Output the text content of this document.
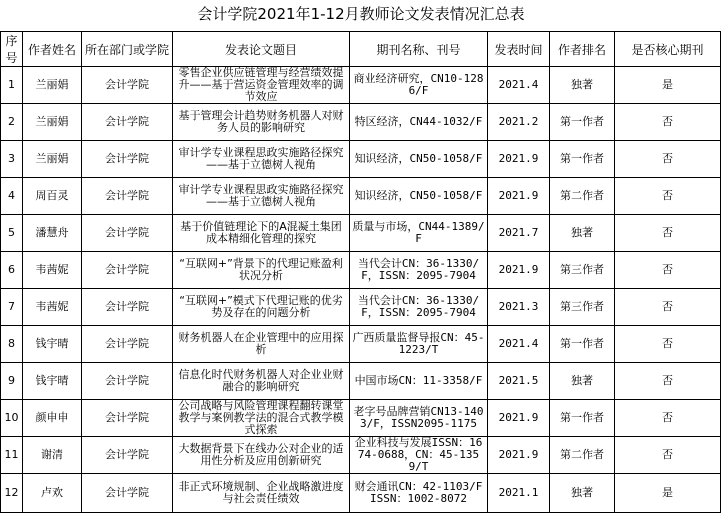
会计学院2021年1-12月教师论文发表情况汇总表
序号	作者姓名	所在部门或学院	发表论文题目	期刊名称、刊号	发表时间	作者排名	是否核心期刊
1	兰丽娟	会计学院	零售企业供应链管理与经营绩效提升——基于营运资金管理效率的调节效应	商业经济研究，CN10-1286/F	2021.4	独著	是
2	兰丽娟	会计学院	基于管理会计趋势财务机器人对财务人员的影响研究	特区经济，CN44-1032/F	2021.2	第一作者	否
3	兰丽娟	会计学院	审计学专业课程思政实施路径探究——基于立德树人视角	知识经济，CN50-1058/F	2021.9	第一作者	否
4	周百灵	会计学院	审计学专业课程思政实施路径探究——基于立德树人视角	知识经济，CN50-1058/F	2021.9	第二作者	否
5	潘慧舟	会计学院	基于价值链理论下的A混凝土集团成本精细化管理的探究	质量与市场，CN44-1389/F	2021.7	独著	否
6	韦茜妮	会计学院	“互联网+”背景下的代理记账盈利状况分析	当代会计CN：36-1330/F，ISSN：2095-7904	2021.9	第三作者	否
7	韦茜妮	会计学院	“互联网+”模式下代理记账的优劣势及存在的问题分析	当代会计CN：36-1330/F，ISSN：2095-7904	2021.3	第三作者	否
8	钱宇晴	会计学院	财务机器人在企业管理中的应用探析	广西质量监督导报CN：45-1223/T	2021.4	第一作者	否
9	钱宇晴	会计学院	信息化时代财务机器人对企业业财融合的影响研究	中国市场CN：11-3358/F	2021.5	独著	否
10	颜申申	会计学院	公司战略与风险管理课程翻转课堂教学与案例教学法的混合式教学模式探索	老字号品牌营销CN13-1403/F，ISSN2095-1175	2021.9	第一作者	否
11	谢清	会计学院	大数据背景下在线办公对企业的适用性分析及应用创新研究	企业科技与发展ISSN：1674-0688，CN：45-1359/T	2021.9	第二作者	否
12	卢欢	会计学院	非正式环境规制、企业战略激进度与社会责任绩效	财会通讯CN：42-1103/F ISSN：1002-8072	2021.1	独著	是
